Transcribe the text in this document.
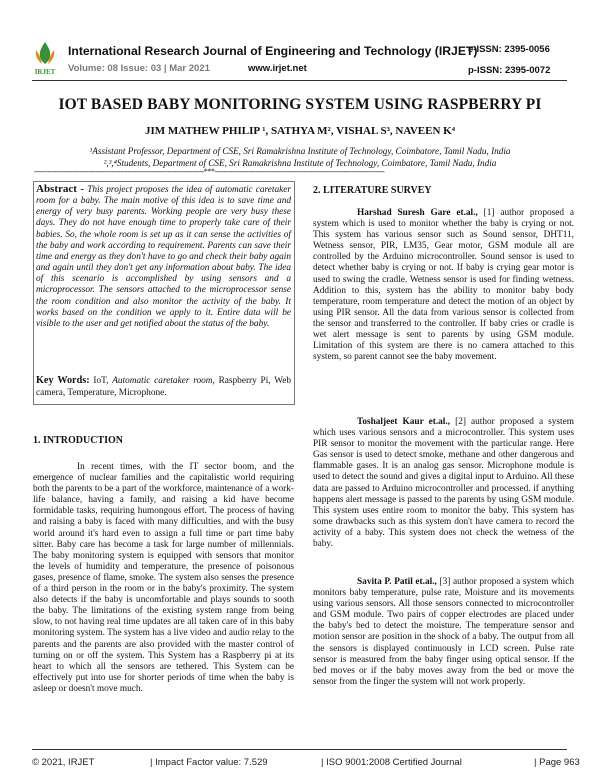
IRJET
International Research Journal of Engineering and Technology (IRJET)
Volume: 08 Issue: 03 | Mar 2021	www.irjet.net
e-ISSN: 2395-0056
p-ISSN: 2395-0072
IOT BASED BABY MONITORING SYSTEM USING RASPBERRY PI
JIM MATHEW PHILIP ¹, SATHYA M², VISHAL S³, NAVEEN K⁴
¹Assistant Professor, Department of CSE, Sri Ramakrishna Institute of Technology, Coimbatore, Tamil Nadu, India
²,³,⁴Students, Department of CSE, Sri Ramakrishna Institute of Technology, Coimbatore, Tamil Nadu, India
---------------------------------------------------------------------------***---------------------------------------------------------------------------
Abstract - This project proposes the idea of automatic caretaker room for a baby. The main motive of this idea is to save time and energy of very busy parents. Working people are very busy these days. They do not have enough time to properly take care of their babies. So, the whole room is set up as it can sense the activities of the baby and work according to requirement. Parents can save their time and energy as they don't have to go and check their baby again and again until they don't get any information about baby. The idea of this scenario is accomplished by using sensors and a microprocessor. The sensors attached to the microprocessor sense the room condition and also monitor the activity of the baby. It works based on the condition we apply to it. Entire data will be visible to the user and get notified about the status of the baby.
Key Words: IoT, Automatic caretaker room, Raspberry Pi, Web camera, Temperature, Microphone.
1. INTRODUCTION
In recent times, with the IT sector boom, and the emergence of nuclear families and the capitalistic world requiring both the parents to be a part of the workforce, maintenance of a work-life balance, having a family, and raising a kid have become formidable tasks, requiring humongous effort. The process of having and raising a baby is faced with many difficulties, and with the busy world around it's hard even to assign a full time or part time baby sitter. Baby care has become a task for large number of millennials. The baby monitoring system is equipped with sensors that monitor the levels of humidity and temperature, the presence of poisonous gases, presence of flame, smoke. The system also senses the presence of a third person in the room or in the baby's proximity. The system also detects if the baby is uncomfortable and plays sounds to sooth the baby. The limitations of the existing system range from being slow, to not having real time updates are all taken care of in this baby monitoring system. The system has a live video and audio relay to the parents and the parents are also provided with the master control of turning on or off the system. This System has a Raspberry pi at its heart to which all the sensors are tethered. This System can be effectively put into use for shorter periods of time when the baby is asleep or doesn't move much.
2. LITERATURE SURVEY
Harshad Suresh Gare et.al., [1] author proposed a system which is used to monitor whether the baby is crying or not. This system has various sensor such as Sound sensor, DHT11, Wetness sensor, PIR, LM35, Gear motor, GSM module all are controlled by the Arduino microcontroller. Sound sensor is used to detect whether baby is crying or not. If baby is crying gear motor is used to swing the cradle. Wetness sensor is used for finding wetness. Addition to this, system has the ability to monitor baby body temperature, room temperature and detect the motion of an object by using PIR sensor. All the data from various sensor is collected from the sensor and transferred to the controller. If baby cries or cradle is wet alert message is sent to parents by using GSM module. Limitation of this system are there is no camera attached to this system, so parent cannot see the baby movement.
Toshaljeet Kaur et.al., [2] author proposed a system which uses various sensors and a microcontroller. This system uses PIR sensor to monitor the movement with the particular range. Here Gas sensor is used to detect smoke, methane and other dangerous and flammable gases. It is an analog gas sensor. Microphone module is used to detect the sound and gives a digital input to Arduino. All these data are passed to Arduino microcontroller and processed. if anything happens alert message is passed to the parents by using GSM module. This system uses entire room to monitor the baby. This system has some drawbacks such as this system don't have camera to record the activity of a baby. This system does not check the wetness of the baby.
Savita P. Patil et.al., [3] author proposed a system which monitors baby temperature, pulse rate, Moisture and its movements using various sensors. All those sensors connected to microcontroller and GSM module. Two pairs of copper electrodes are placed under the baby's bed to detect the moisture. The temperature sensor and motion sensor are position in the shock of a baby. The output from all the sensors is displayed continuously in LCD screen. Pulse rate sensor is measured from the baby finger using optical sensor. If the bed moves or if the baby moves away from the bed or move the sensor from the finger the system will not work properly.
© 2021, IRJET	| Impact Factor value: 7.529	| ISO 9001:2008 Certified Journal	| Page 963
